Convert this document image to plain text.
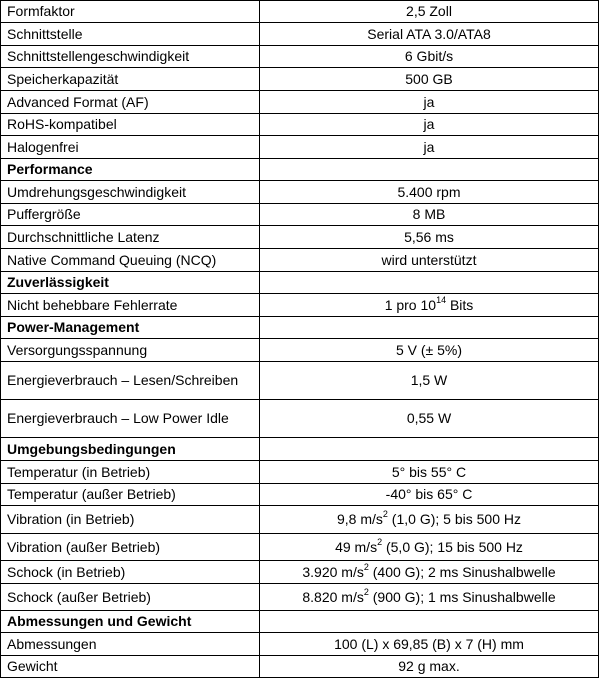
Formfaktor	2,5 Zoll
Schnittstelle	Serial ATA 3.0/ATA8
Schnittstellengeschwindigkeit	6 Gbit/s
Speicherkapazität	500 GB
Advanced Format (AF)	ja
RoHS-kompatibel	ja
Halogenfrei	ja
Performance	
Umdrehungsgeschwindigkeit	5.400 rpm
Puffergröße	8 MB
Durchschnittliche Latenz	5,56 ms
Native Command Queuing (NCQ)	wird unterstützt
Zuverlässigkeit	
Nicht behebbare Fehlerrate	1 pro $10^{14}$ Bits
Power-Management	
Versorgungsspannung	5 V (± 5%)
Energieverbrauch – Lesen/Schreiben	1,5 W
Energieverbrauch – Low Power Idle	0,55 W
Umgebungsbedingungen	
Temperatur (in Betrieb)	5° bis 55° C
Temperatur (außer Betrieb)	-40° bis 65° C
Vibration (in Betrieb)	9,8 $m/s^2$ (1,0 G); 5 bis 500 Hz
Vibration (außer Betrieb)	49 $m/s^2$ (5,0 G); 15 bis 500 Hz
Schock (in Betrieb)	3.920 $m/s^2$ (400 G); 2 ms Sinushalbwelle
Schock (außer Betrieb)	8.820 $m/s^2$ (900 G); 1 ms Sinushalbwelle
Abmessungen und Gewicht	
Abmessungen	100 (L) x 69,85 (B) x 7 (H) mm
Gewicht	92 g max.
